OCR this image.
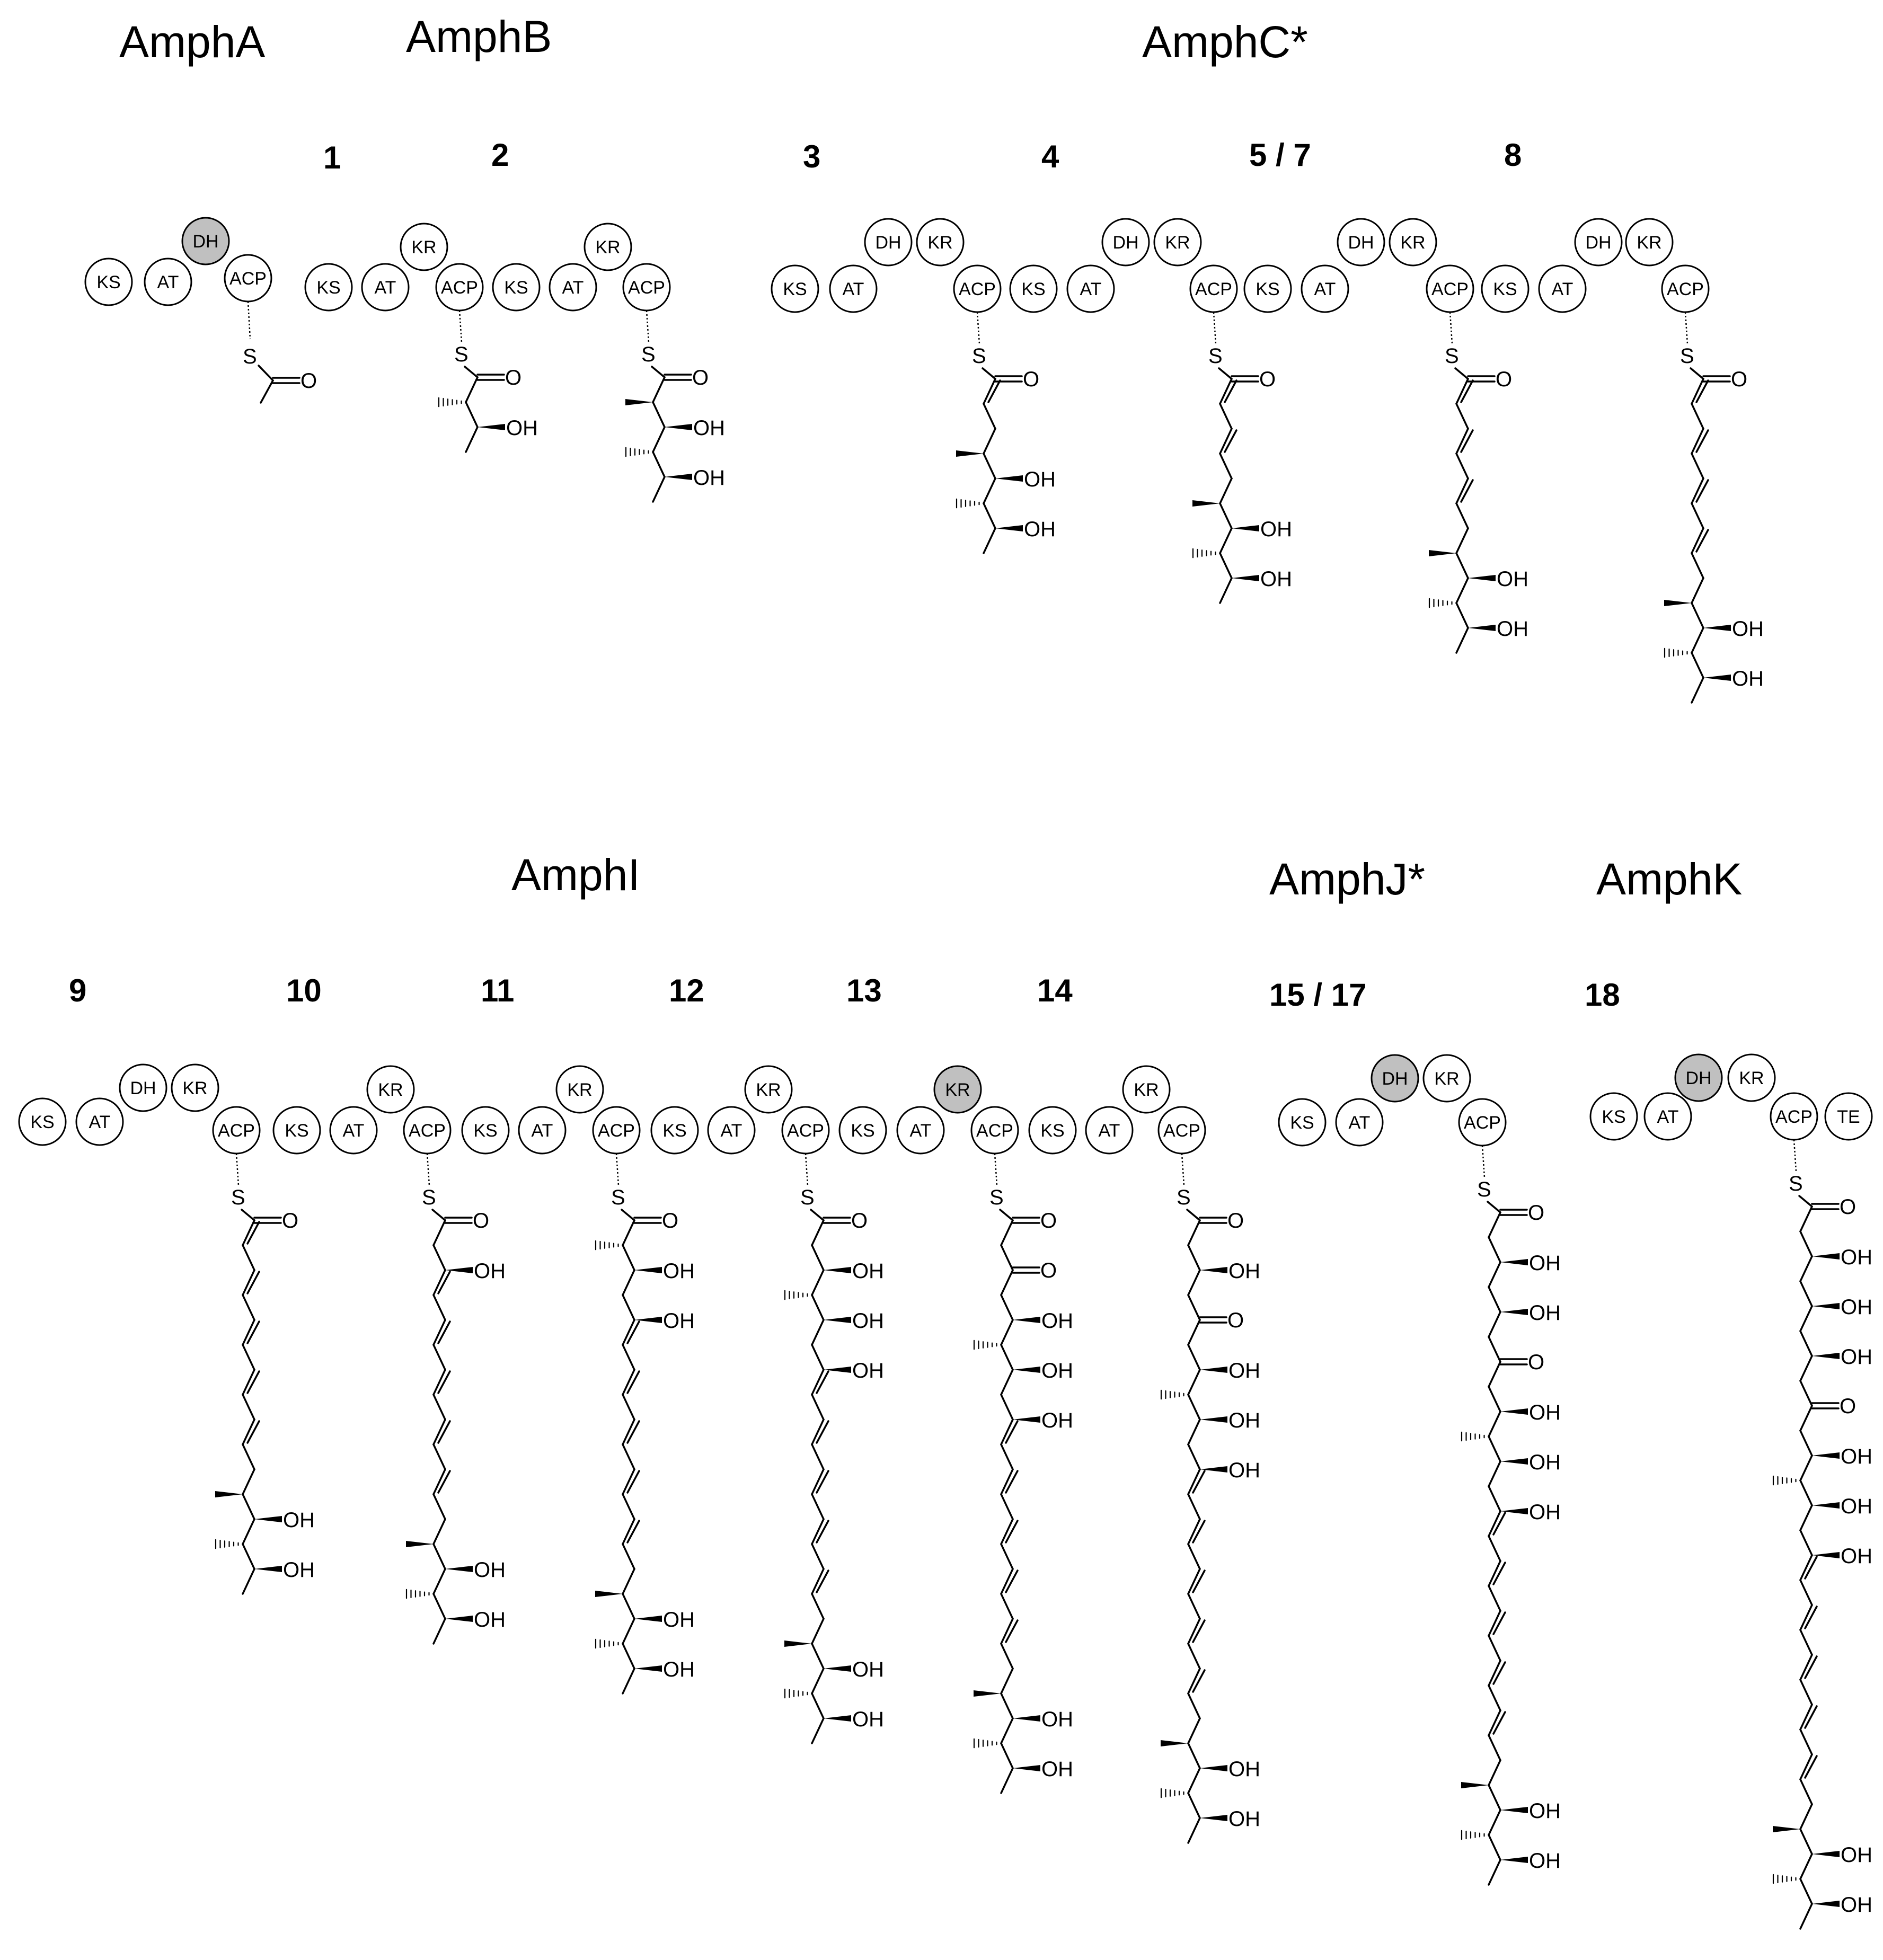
AmphA	AmphB	AmphC*
AmphI	AmphJ*	AmphK
1	2	3	4	5 / 7	8
9	10	11	12	13	14	15 / 17	18
KS AT
DH
ACP	KS AT
KR
ACP KS AT
KR
ACP	KS AT
DH KR
ACP KS AT
DH KR
ACP KS AT
DH KR
ACP KS AT
DH KR
ACP
KS AT
DH KR
ACP KS AT
KR
ACP KS AT
KR
ACP KS AT
KR
ACP KS AT
KR
ACP KS AT
KR
ACP	KS AT
DH KR
ACP	KS AT
DH KR
ACP TE
S
O
S
O
OH
S
O
OH
OH
S
O
OH
OH
S
O
OH
OH
S
O
OH
OH
S
O
OH
OH
S
O
OH
OH
S
O
OH
OH
OH
S
O
OH
OH
OH
OH
S
O
OH
OH
OH
OH
OH
S
O
O
OH
OH
OH
OH
OH
S
O
OH
O
OH
OH
OH
OH
OH
S
O
OH
OH
O
OH
OH
OH
OH
OH
S
O
OH
OH
OH
O
OH
OH
OH
OH
OH
